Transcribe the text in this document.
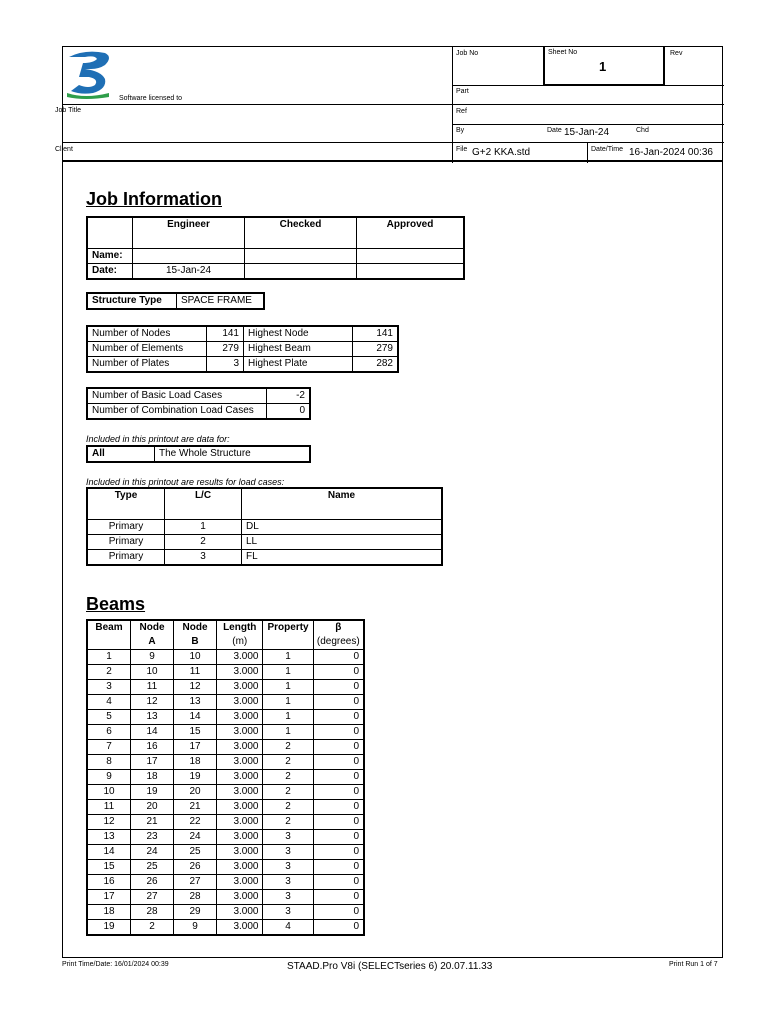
Software licensed to
Job Title
Client
Job No	Sheet No
1
Rev
Part
Ref
By	Date 15-Jan-24	Chd
File G+2 KKA.std	Date/Time 16-Jan-2024 00:36
Job Information
	Engineer	Checked	Approved
Name:			
Date:	15-Jan-24		
Structure Type	SPACE FRAME
Number of Nodes	141	Highest Node	141
Number of Elements	279	Highest Beam	279
Number of Plates	3	Highest Plate	282
Number of Basic Load Cases	-2
Number of Combination Load Cases	0
Included in this printout are data for:
All	The Whole Structure
Included in this printout are results for load cases:
Type	L/C	Name
Primary	1	DL
Primary	2	LL
Primary	3	FL
Beams
Beam	Node A	Node B	Length	Property	β
			(m)		(degrees)
1	9	10	3.000	1	0
2	10	11	3.000	1	0
3	11	12	3.000	1	0
4	12	13	3.000	1	0
5	13	14	3.000	1	0
6	14	15	3.000	1	0
7	16	17	3.000	2	0
8	17	18	3.000	2	0
9	18	19	3.000	2	0
10	19	20	3.000	2	0
11	20	21	3.000	2	0
12	21	22	3.000	2	0
13	23	24	3.000	3	0
14	24	25	3.000	3	0
15	25	26	3.000	3	0
16	26	27	3.000	3	0
17	27	28	3.000	3	0
18	28	29	3.000	3	0
19	2	9	3.000	4	0
Print Time/Date: 16/01/2024 00:39	STAAD.Pro V8i (SELECTseries 6) 20.07.11.33	Print Run 1 of 7
